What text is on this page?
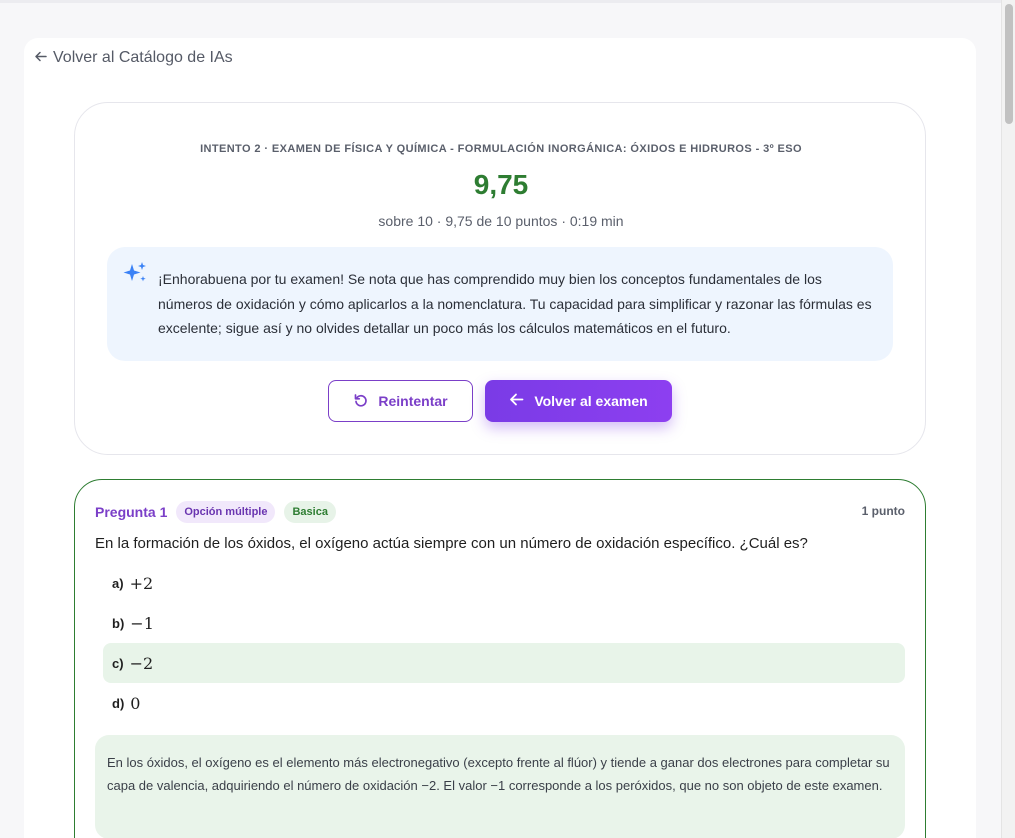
Volver al Catálogo de IAs
INTENTO 2 · EXAMEN DE FÍSICA Y QUÍMICA - FORMULACIÓN INORGÁNICA: ÓXIDOS E HIDRUROS - 3º ESO
9,75
sobre 10 · 9,75 de 10 puntos · 0:19 min
¡Enhorabuena por tu examen! Se nota que has comprendido muy bien los conceptos fundamentales de los números de oxidación y cómo aplicarlos a la nomenclatura. Tu capacidad para simplificar y razonar las fórmulas es excelente; sigue así y no olvides detallar un poco más los cálculos matemáticos en el futuro.
Reintentar	Volver al examen
Pregunta 1	Opción múltiple	Basica	1 punto
En la formación de los óxidos, el oxígeno actúa siempre con un número de oxidación específico. ¿Cuál es?
a) +2
b) −1
c) −2
d) 0
En los óxidos, el oxígeno es el elemento más electronegativo (excepto frente al flúor) y tiende a ganar dos electrones para completar su capa de valencia, adquiriendo el número de oxidación −2. El valor −1 corresponde a los peróxidos, que no son objeto de este examen.
